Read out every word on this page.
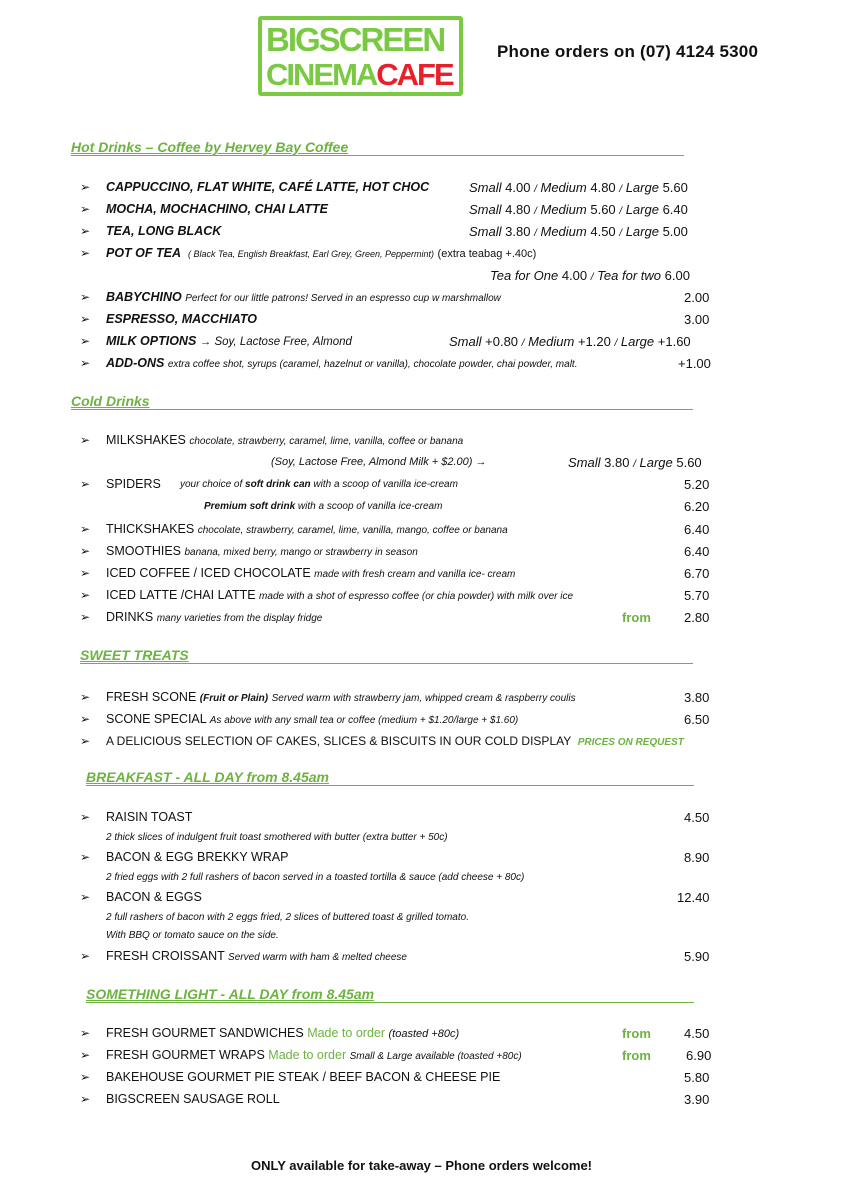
BIGSCREEN
CINEMACAFE
Phone orders on (07) 4124 5300
Hot Drinks – Coffee by Hervey Bay Coffee
➢ CAPPUCCINO, FLAT WHITE, CAFÉ LATTE, HOT CHOC	Small 4.00 / Medium 4.80 / Large 5.60
➢ MOCHA, MOCHACHINO, CHAI LATTE	Small 4.80 / Medium 5.60 / Large 6.40
➢ TEA, LONG BLACK	Small 3.80 / Medium 4.50 / Large 5.00
➢ POT OF TEA ( Black Tea, English Breakfast, Earl Grey, Green, Peppermint) (extra teabag +.40c)
Tea for One 4.00 / Tea for two 6.00
➢ BABYCHINO Perfect for our little patrons! Served in an espresso cup w marshmallow	2.00
➢ ESPRESSO, MACCHIATO	3.00
➢ MILK OPTIONS → Soy, Lactose Free, Almond	Small +0.80 / Medium +1.20 / Large +1.60
➢ ADD-ONS extra coffee shot, syrups (caramel, hazelnut or vanilla), chocolate powder, chai powder, malt.	+1.00
Cold Drinks
➢ MILKSHAKES chocolate, strawberry, caramel, lime, vanilla, coffee or banana
(Soy, Lactose Free, Almond Milk + $2.00) →	Small 3.80 / Large 5.60
➢ SPIDERS your choice of soft drink can with a scoop of vanilla ice-cream	5.20
Premium soft drink with a scoop of vanilla ice-cream	6.20
➢ THICKSHAKES chocolate, strawberry, caramel, lime, vanilla, mango, coffee or banana	6.40
➢ SMOOTHIES banana, mixed berry, mango or strawberry in season	6.40
➢ ICED COFFEE / ICED CHOCOLATE made with fresh cream and vanilla ice- cream	6.70
➢ ICED LATTE /CHAI LATTE made with a shot of espresso coffee (or chia powder) with milk over ice	5.70
➢ DRINKS many varieties from the display fridge	from	2.80
SWEET TREATS
➢ FRESH SCONE (Fruit or Plain) Served warm with strawberry jam, whipped cream & raspberry coulis	3.80
➢ SCONE SPECIAL As above with any small tea or coffee (medium + $1.20/large + $1.60)	6.50
➢ A DELICIOUS SELECTION OF CAKES, SLICES & BISCUITS IN OUR COLD DISPLAY PRICES ON REQUEST
BREAKFAST - ALL DAY from 8.45am
➢ RAISIN TOAST	4.50
2 thick slices of indulgent fruit toast smothered with butter (extra butter + 50c)
➢ BACON & EGG BREKKY WRAP	8.90
2 fried eggs with 2 full rashers of bacon served in a toasted tortilla & sauce (add cheese + 80c)
➢ BACON & EGGS	12.40
2 full rashers of bacon with 2 eggs fried, 2 slices of buttered toast & grilled tomato.
With BBQ or tomato sauce on the side.
➢ FRESH CROISSANT Served warm with ham & melted cheese	5.90
SOMETHING LIGHT - ALL DAY from 8.45am
➢ FRESH GOURMET SANDWICHES Made to order (toasted +80c)	from	4.50
➢ FRESH GOURMET WRAPS Made to order Small & Large available (toasted +80c)	from	6.90
➢ BAKEHOUSE GOURMET PIE STEAK / BEEF BACON & CHEESE PIE	5.80
➢ BIGSCREEN SAUSAGE ROLL	3.90
ONLY available for take-away – Phone orders welcome!
